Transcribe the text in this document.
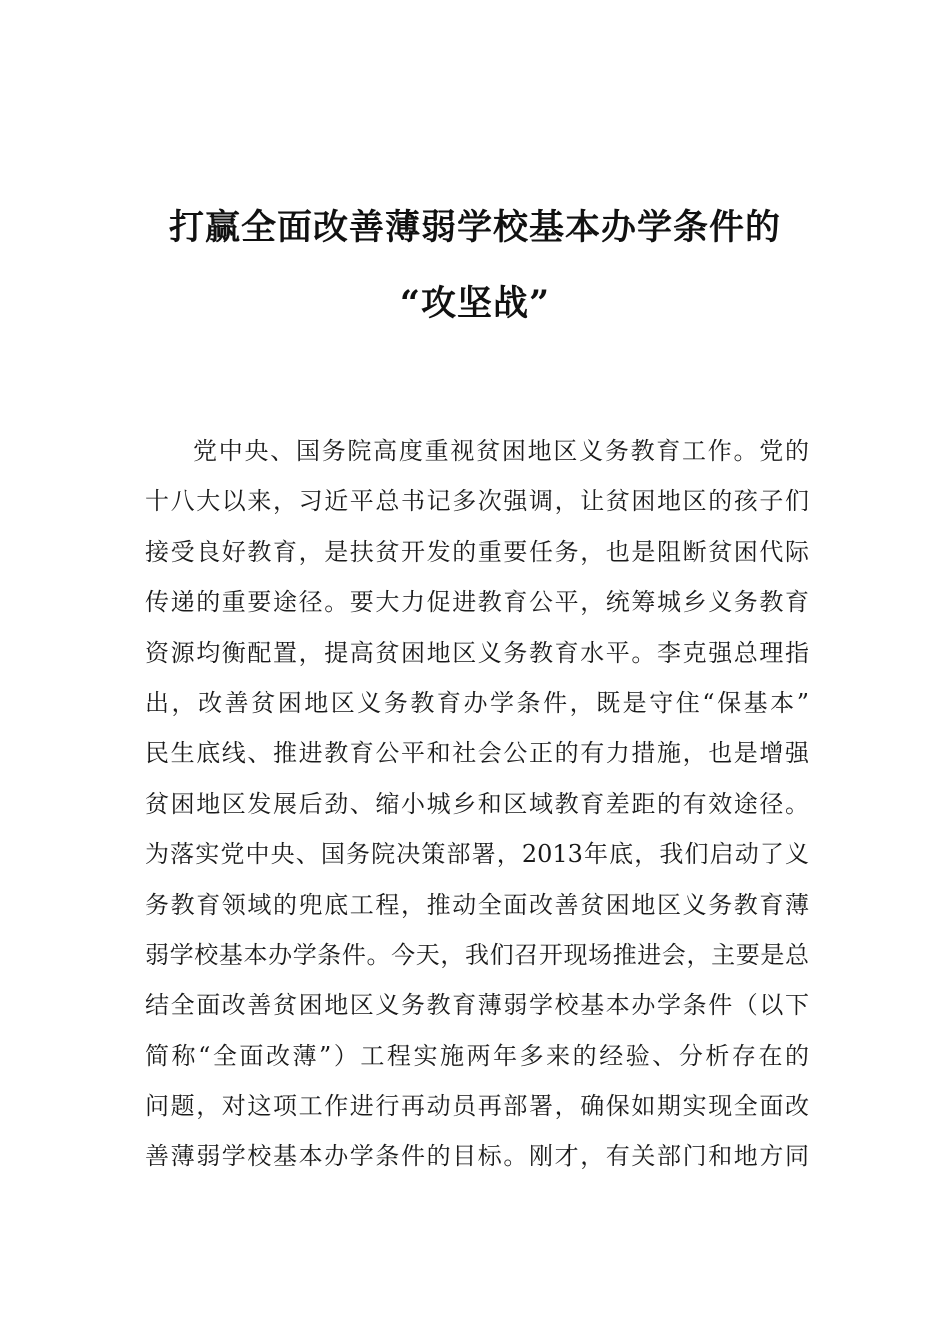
打赢全面改善薄弱学校基本办学条件的
“攻坚战”
党中央、国务院高度重视贫困地区义务教育工作。党的
十八大以来，习近平总书记多次强调，让贫困地区的孩子们
接受良好教育，是扶贫开发的重要任务，也是阻断贫困代际
传递的重要途径。要大力促进教育公平，统筹城乡义务教育
资源均衡配置，提高贫困地区义务教育水平。李克强总理指
出，改善贫困地区义务教育办学条件，既是守住“保基本”
民生底线、推进教育公平和社会公正的有力措施，也是增强
贫困地区发展后劲、缩小城乡和区域教育差距的有效途径。
为落实党中央、国务院决策部署，2013年底，我们启动了义
务教育领域的兜底工程，推动全面改善贫困地区义务教育薄
弱学校基本办学条件。今天，我们召开现场推进会，主要是总
结全面改善贫困地区义务教育薄弱学校基本办学条件（以下
简称“全面改薄”）工程实施两年多来的经验、分析存在的
问题，对这项工作进行再动员再部署，确保如期实现全面改
善薄弱学校基本办学条件的目标。刚才，有关部门和地方同
